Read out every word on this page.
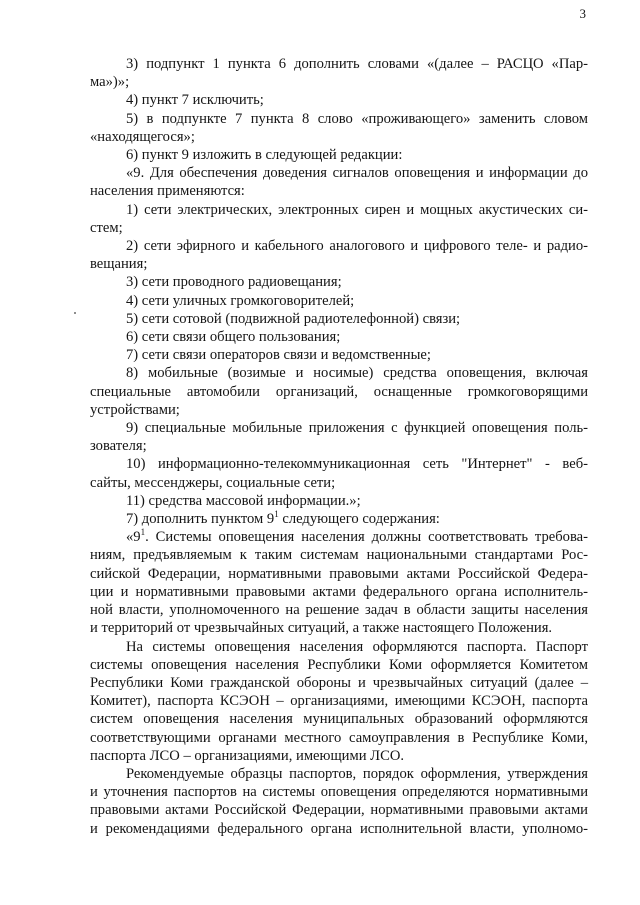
3
3) подпункт 1 пункта 6 дополнить словами «(далее – РАСЦО «Пар-
ма»)»;
4) пункт 7 исключить;
5) в подпункте 7 пункта 8 слово «проживающего» заменить словом
«находящегося»;
6) пункт 9 изложить в следующей редакции:
«9. Для обеспечения доведения сигналов оповещения и информации до
населения применяются:
1) сети электрических, электронных сирен и мощных акустических си-
стем;
2) сети эфирного и кабельного аналогового и цифрового теле- и радио-
вещания;
3) сети проводного радиовещания;
4) сети уличных громкоговорителей;
5) сети сотовой (подвижной радиотелефонной) связи;
6) сети связи общего пользования;
7) сети связи операторов связи и ведомственные;
8) мобильные (возимые и носимые) средства оповещения, включая
специальные автомобили организаций, оснащенные громкоговорящими
устройствами;
9) специальные мобильные приложения с функцией оповещения поль-
зователя;
10) информационно-телекоммуникационная сеть "Интернет" - веб-
сайты, мессенджеры, социальные сети;
11) средства массовой информации.»;
7) дополнить пунктом $9^1$ следующего содержания:
«$9^1$. Системы оповещения населения должны соответствовать требова-
ниям, предъявляемым к таким системам национальными стандартами Рос-
сийской Федерации, нормативными правовыми актами Российской Федера-
ции и нормативными правовыми актами федерального органа исполнитель-
ной власти, уполномоченного на решение задач в области защиты населения
и территорий от чрезвычайных ситуаций, а также настоящего Положения.
На системы оповещения населения оформляются паспорта. Паспорт
системы оповещения населения Республики Коми оформляется Комитетом
Республики Коми гражданской обороны и чрезвычайных ситуаций (далее –
Комитет), паспорта КСЭОН – организациями, имеющими КСЭОН, паспорта
систем оповещения населения муниципальных образований оформляются
соответствующими органами местного самоуправления в Республике Коми,
паспорта ЛСО – организациями, имеющими ЛСО.
Рекомендуемые образцы паспортов, порядок оформления, утверждения
и уточнения паспортов на системы оповещения определяются нормативными
правовыми актами Российской Федерации, нормативными правовыми актами
и рекомендациями федерального органа исполнительной власти, уполномо-
